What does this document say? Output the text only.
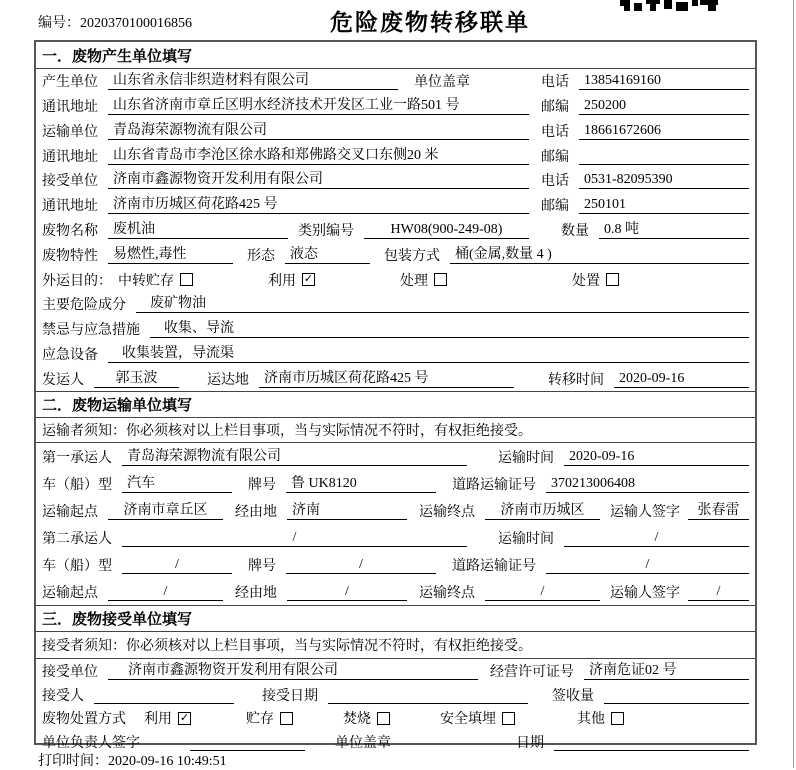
编号：2020370100016856	危险废物转移联单
一．废物产生单位填写
产生单位	山东省永信非织造材料有限公司	单位盖章	电话	13854169160
通讯地址	山东省济南市章丘区明水经济技术开发区工业一路501 号	邮编	250200
运输单位	青岛海荣源物流有限公司	电话	18661672606
通讯地址	山东省青岛市李沧区徐水路和郑佛路交叉口东侧20 米	邮编
接受单位	济南市鑫源物资开发利用有限公司	电话	0531-82095390
通讯地址	济南市历城区荷花路425 号	邮编	250101
废物名称	废机油	类别编号	HW08(900-249-08)	数量	0.8 吨
废物特性	易燃性,毒性	形态	液态	包装方式	桶(金属,数量 4 )
外运目的： 中转贮存	利用 ✓	处理	处置
主要危险成分	废矿物油
禁忌与应急措施	收集、导流
应急设备	收集装置，导流渠
发运人	郭玉波	运达地	济南市历城区荷花路425 号	转移时间	2020-09-16
二．废物运输单位填写
运输者须知： 你必须核对以上栏目事项，当与实际情况不符时，有权拒绝接受。
第一承运人	青岛海荣源物流有限公司	运输时间	2020-09-16
车（船）型	汽车	牌号	鲁 UK8120	道路运输证号	370213006408
运输起点	济南市章丘区	经由地	济南	运输终点	济南市历城区	运输人签字	张春雷
第二承运人	/	运输时间	/
车（船）型	/	牌号	/	道路运输证号	/
运输起点	/	经由地	/	运输终点	/	运输人签字	/
三．废物接受单位填写
接受者须知： 你必须核对以上栏目事项，当与实际情况不符时，有权拒绝接受。
接受单位	济南市鑫源物资开发利用有限公司	经营许可证号	济南危证02 号
接受人	接受日期	签收量
废物处置方式 利用 ✓	贮存	焚烧	安全填埋	其他
单位负责人签字	单位盖章	日期
打印时间：2020-09-16 10:49:51
